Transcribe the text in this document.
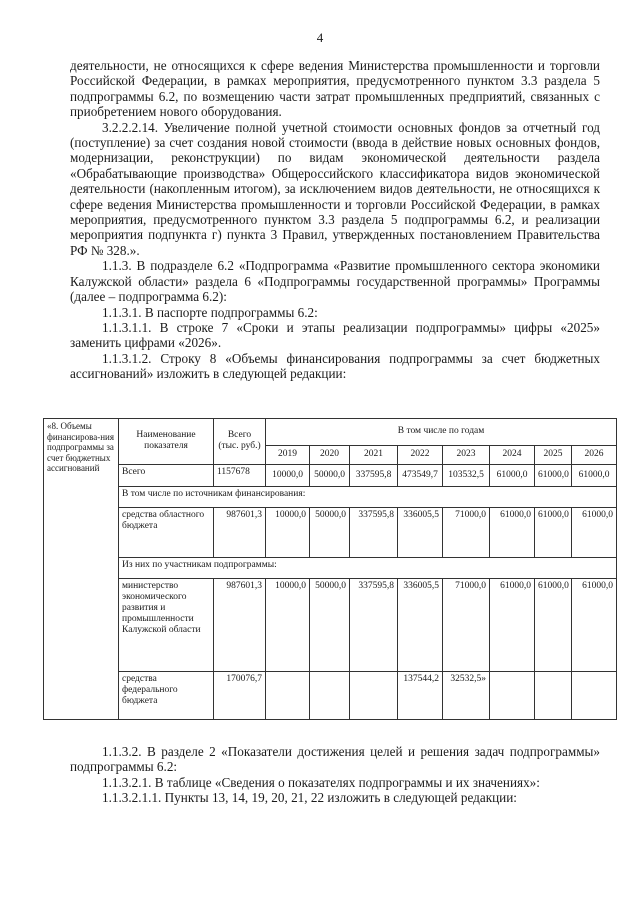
4

деятельности, не относящихся к сфере ведения Министерства промышленности и торговли Российской Федерации, в рамках мероприятия, предусмотренного пунктом 3.3 раздела 5 подпрограммы 6.2, по возмещению части затрат промышленных предприятий, связанных с приобретением нового оборудования.

3.2.2.2.14. Увеличение полной учетной стоимости основных фондов за отчетный год (поступление) за счет создания новой стоимости (ввода в действие новых основных фондов, модернизации, реконструкции) по видам экономической деятельности раздела «Обрабатывающие производства» Общероссийского классификатора видов экономической деятельности (накопленным итогом), за исключением видов деятельности, не относящихся к сфере ведения Министерства промышленности и торговли Российской Федерации, в рамках мероприятия, предусмотренного пунктом 3.3 раздела 5 подпрограммы 6.2, и реализации мероприятия подпункта г) пункта 3 Правил, утвержденных постановлением Правительства РФ № 328.».

1.1.3. В подразделе 6.2 «Подпрограмма «Развитие промышленного сектора экономики Калужской области» раздела 6 «Подпрограммы государственной программы» Программы (далее – подпрограмма 6.2):

1.1.3.1. В паспорте подпрограммы 6.2:

1.1.3.1.1. В строке 7 «Сроки и этапы реализации подпрограммы» цифры «2025» заменить цифрами «2026».

1.1.3.1.2. Строку 8 «Объемы финансирования подпрограммы за счет бюджетных ассигнований» изложить в следующей редакции:

«8. Объемы финансирова-ния подпрограммы за счет бюджетных ассигнований	Наименование показателя	Всего (тыс. руб.)	В том числе по годам							
			2019	2020	2021	2022	2023	2024	2025	2026
	Всего	1157678	10000,0	50000,0	337595,8	473549,7	103532,5	61000,0	61000,0	61000,0
	В том числе по источникам финансирования:									
	средства областного бюджета	987601,3	10000,0	50000,0	337595,8	336005,5	71000,0	61000,0	61000,0	61000,0
	Из них по участникам подпрограммы:									
	министерство экономического развития и промышленности Калужской области	987601,3	10000,0	50000,0	337595,8	336005,5	71000,0	61000,0	61000,0	61000,0
	средства федерального бюджета	170076,7				137544,2	32532,5»			

1.1.3.2. В разделе 2 «Показатели достижения целей и решения задач подпрограммы» подпрограммы 6.2:

1.1.3.2.1. В таблице «Сведения о показателях подпрограммы и их значениях»:

1.1.3.2.1.1. Пункты 13, 14, 19, 20, 21, 22 изложить в следующей редакции:
